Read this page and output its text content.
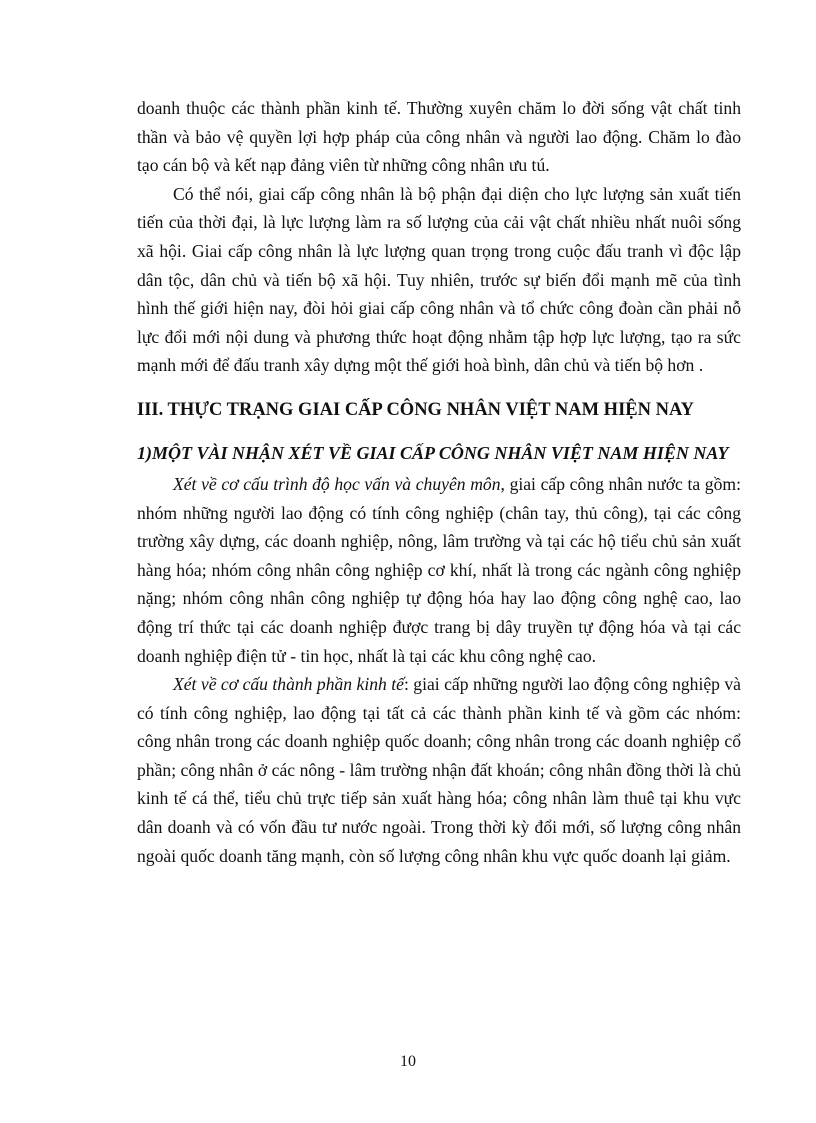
doanh thuộc các thành phần kinh tế. Thường xuyên chăm lo đời sống vật chất tinh thần và bảo vệ quyền lợi hợp pháp của công nhân và người lao động. Chăm lo đào tạo cán bộ và kết nạp đảng viên từ những công nhân ưu tú.

Có thể nói, giai cấp công nhân là bộ phận đại diện cho lực lượng sản xuất tiến tiến của thời đại, là lực lượng làm ra số lượng của cải vật chất nhiều nhất nuôi sống xã hội. Giai cấp công nhân là lực lượng quan trọng trong cuộc đấu tranh vì độc lập dân tộc, dân chủ và tiến bộ xã hội. Tuy nhiên, trước sự biến đổi mạnh mẽ của tình hình thế giới hiện nay, đòi hỏi giai cấp công nhân và tổ chức công đoàn cần phải nỗ lực đổi mới nội dung và phương thức hoạt động nhằm tập hợp lực lượng, tạo ra sức mạnh mới để đấu tranh xây dựng một thế giới hoà bình, dân chủ và tiến bộ hơn .

III. THỰC TRẠNG GIAI CẤP CÔNG NHÂN VIỆT NAM HIỆN NAY

1)MỘT VÀI NHẬN XÉT VỀ GIAI CẤP CÔNG NHÂN VIỆT NAM HIỆN NAY

Xét về cơ cấu trình độ học vấn và chuyên môn, giai cấp công nhân nước ta gồm: nhóm những người lao động có tính công nghiệp (chân tay, thủ công), tại các công trường xây dựng, các doanh nghiệp, nông, lâm trường và tại các hộ tiểu chủ sản xuất hàng hóa; nhóm công nhân công nghiệp cơ khí, nhất là trong các ngành công nghiệp nặng; nhóm công nhân công nghiệp tự động hóa hay lao động công nghệ cao, lao động trí thức tại các doanh nghiệp được trang bị dây truyền tự động hóa và tại các doanh nghiệp điện tử - tin học, nhất là tại các khu công nghệ cao.

Xét về cơ cấu thành phần kinh tế: giai cấp những người lao động công nghiệp và có tính công nghiệp, lao động tại tất cả các thành phần kinh tế và gồm các nhóm: công nhân trong các doanh nghiệp quốc doanh; công nhân trong các doanh nghiệp cổ phần; công nhân ở các nông - lâm trường nhận đất khoán; công nhân đồng thời là chủ kinh tế cá thể, tiểu chủ trực tiếp sản xuất hàng hóa; công nhân làm thuê tại khu vực dân doanh và có vốn đầu tư nước ngoài. Trong thời kỳ đổi mới, số lượng công nhân ngoài quốc doanh tăng mạnh, còn số lượng công nhân khu vực quốc doanh lại giảm.

10
